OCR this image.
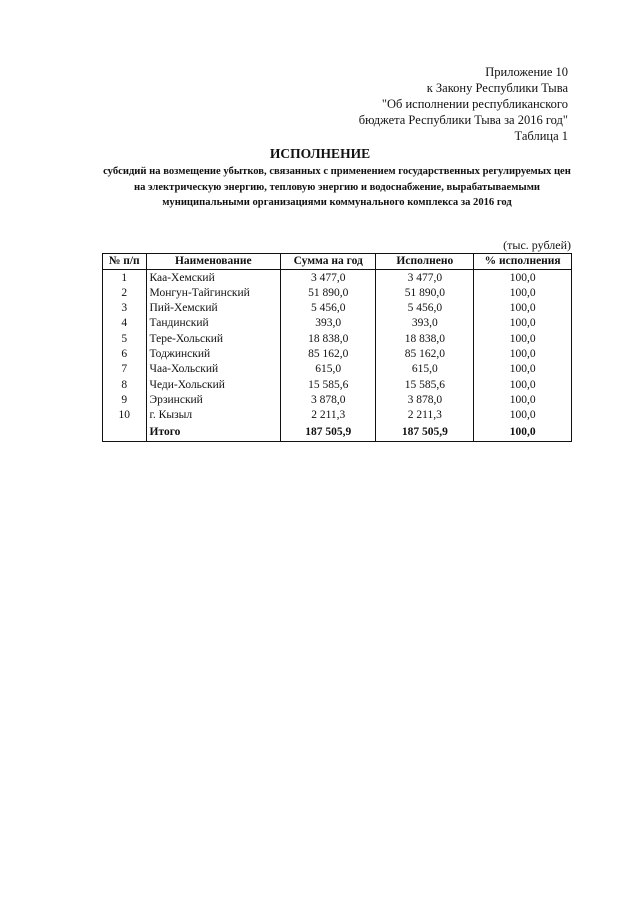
Приложение 10
к Закону Республики Тыва
"Об исполнении республиканского
бюджета Республики Тыва за 2016 год"
Таблица 1
ИСПОЛНЕНИЕ
субсидий на возмещение убытков, связанных с применением государственных регулируемых цен на электрическую энергию, тепловую энергию и водоснабжение, вырабатываемыми муниципальными организациями коммунального комплекса за 2016 год
(тыс. рублей)
№ п/п	Наименование	Сумма на год	Исполнено	% исполнения
1	Каа-Хемский	3 477,0	3 477,0	100,0
2	Монгун-Тайгинский	51 890,0	51 890,0	100,0
3	Пий-Хемский	5 456,0	5 456,0	100,0
4	Тандинский	393,0	393,0	100,0
5	Тере-Хольский	18 838,0	18 838,0	100,0
6	Тоджинский	85 162,0	85 162,0	100,0
7	Чаа-Хольский	615,0	615,0	100,0
8	Чеди-Хольский	15 585,6	15 585,6	100,0
9	Эрзинский	3 878,0	3 878,0	100,0
10	г. Кызыл	2 211,3	2 211,3	100,0
	Итого	187 505,9	187 505,9	100,0
